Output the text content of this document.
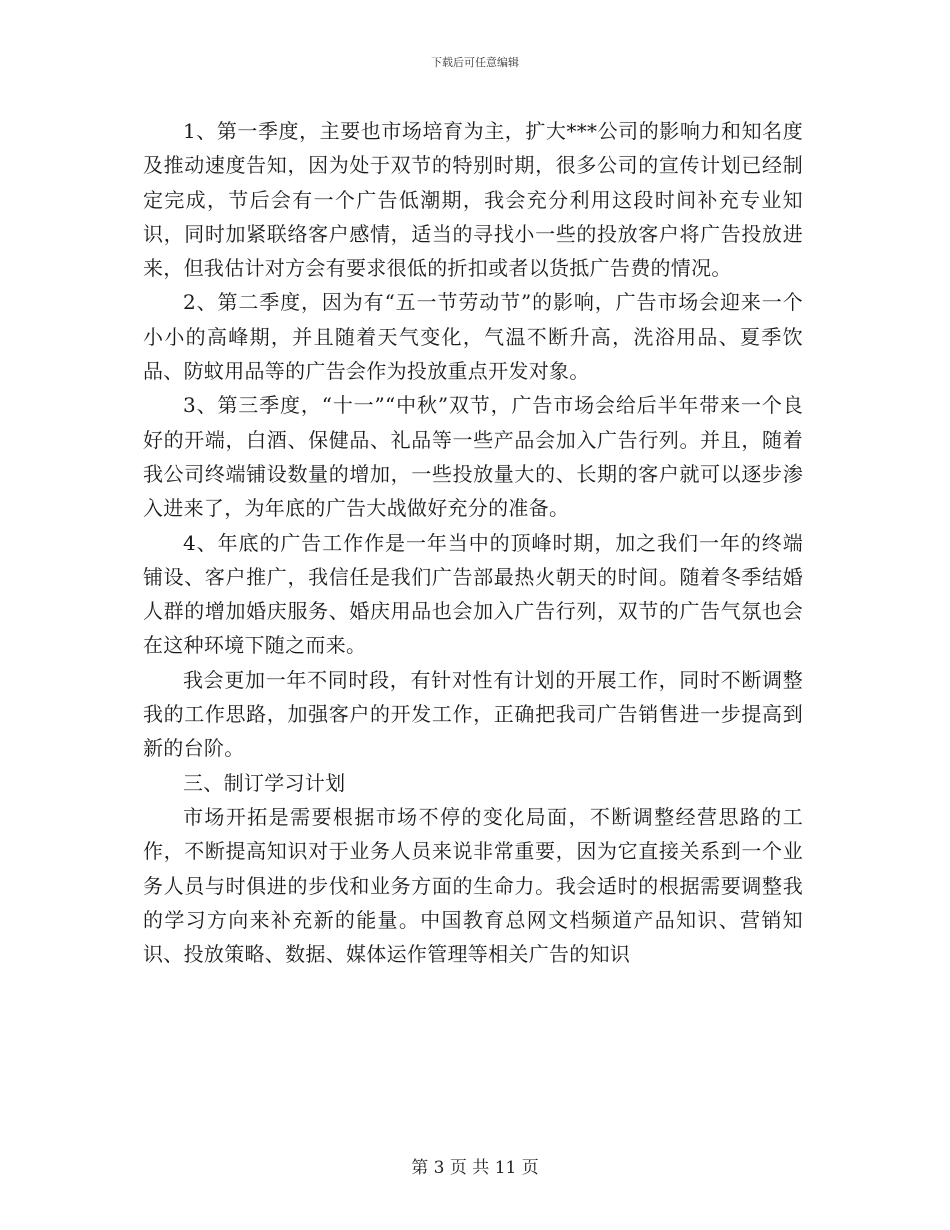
下载后可任意编辑

1、第一季度，主要也市场培育为主，扩大***公司的影响力和知名度及推动速度告知，因为处于双节的特别时期，很多公司的宣传计划已经制定完成，节后会有一个广告低潮期，我会充分利用这段时间补充专业知识，同时加紧联络客户感情，适当的寻找小一些的投放客户将广告投放进来，但我估计对方会有要求很低的折扣或者以货抵广告费的情况。

2、第二季度，因为有“五一节劳动节”的影响，广告市场会迎来一个小小的高峰期，并且随着天气变化，气温不断升高，洗浴用品、夏季饮品、防蚊用品等的广告会作为投放重点开发对象。

3、第三季度，“十一”“中秋”双节，广告市场会给后半年带来一个良好的开端，白酒、保健品、礼品等一些产品会加入广告行列。并且，随着我公司终端铺设数量的增加，一些投放量大的、长期的客户就可以逐步渗入进来了，为年底的广告大战做好充分的准备。

4、年底的广告工作作是一年当中的顶峰时期，加之我们一年的终端铺设、客户推广，我信任是我们广告部最热火朝天的时间。随着冬季结婚人群的增加婚庆服务、婚庆用品也会加入广告行列，双节的广告气氛也会在这种环境下随之而来。

我会更加一年不同时段，有针对性有计划的开展工作，同时不断调整我的工作思路，加强客户的开发工作，正确把我司广告销售进一步提高到新的台阶。

三、制订学习计划

市场开拓是需要根据市场不停的变化局面，不断调整经营思路的工作，不断提高知识对于业务人员来说非常重要，因为它直接关系到一个业务人员与时俱进的步伐和业务方面的生命力。我会适时的根据需要调整我的学习方向来补充新的能量。中国教育总网文档频道产品知识、营销知识、投放策略、数据、媒体运作管理等相关广告的知识

第 3 页 共 11 页
